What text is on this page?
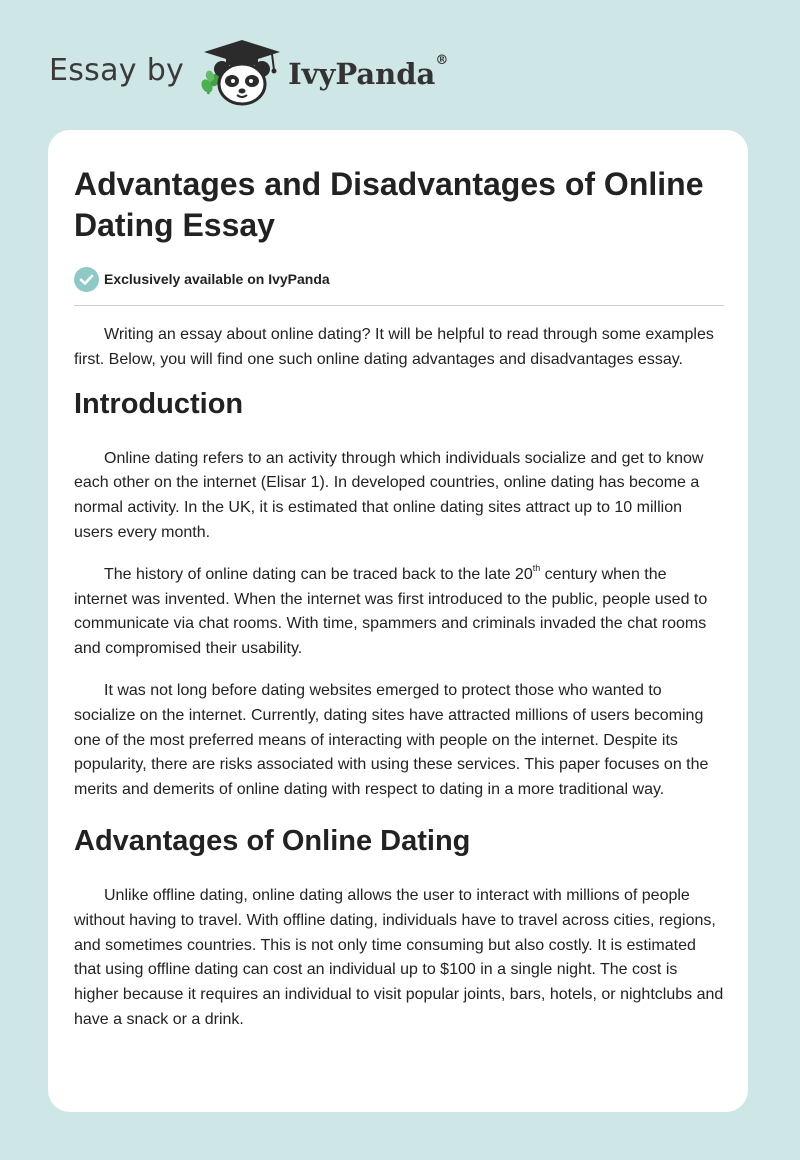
Essay by	IvyPanda®
Advantages and Disadvantages of Online Dating Essay
Exclusively available on IvyPanda

Writing an essay about online dating? It will be helpful to read through some examples first. Below, you will find one such online dating advantages and disadvantages essay.

Introduction

Online dating refers to an activity through which individuals socialize and get to know each other on the internet (Elisar 1). In developed countries, online dating has become a normal activity. In the UK, it is estimated that online dating sites attract up to 10 million users every month.

The history of online dating can be traced back to the late 20th century when the internet was invented. When the internet was first introduced to the public, people used to communicate via chat rooms. With time, spammers and criminals invaded the chat rooms and compromised their usability.

It was not long before dating websites emerged to protect those who wanted to socialize on the internet. Currently, dating sites have attracted millions of users becoming one of the most preferred means of interacting with people on the internet. Despite its popularity, there are risks associated with using these services. This paper focuses on the merits and demerits of online dating with respect to dating in a more traditional way.

Advantages of Online Dating

Unlike offline dating, online dating allows the user to interact with millions of people without having to travel. With offline dating, individuals have to travel across cities, regions, and sometimes countries. This is not only time consuming but also costly. It is estimated that using offline dating can cost an individual up to $100 in a single night. The cost is higher because it requires an individual to visit popular joints, bars, hotels, or nightclubs and have a snack or a drink.
